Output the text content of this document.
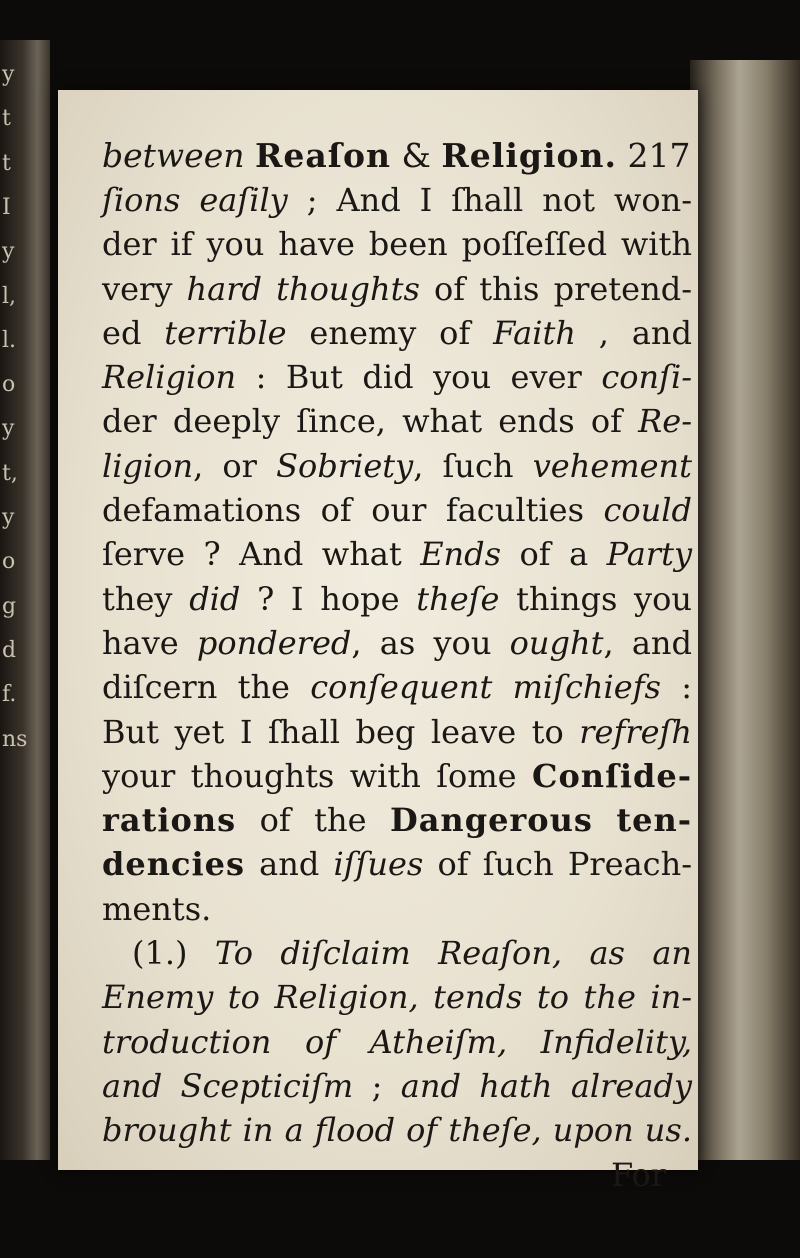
y
t
t
I
y
l,
l.
o
y
t,
y
o
g
d
f.
ns
between Reaſon & Religion. 217
ſions eaſily ; And I ſhall not won-
der if you have been poſſeſſed with
very hard thoughts of this pretend-
ed terrible enemy of Faith , and
Religion : But did you ever conſi-
der deeply ſince, what ends of Re-
ligion, or Sobriety, ſuch vehement
defamations of our faculties could
ſerve ? And what Ends of a Party
they did ? I hope theſe things you
have pondered, as you ought, and
diſcern the conſequent miſchiefs :
But yet I ſhall beg leave to refreſh
your thoughts with ſome Conſide-
rations of the Dangerous ten-
dencies and iſſues of ſuch Preach-
ments.
(1.) To diſclaim Reaſon, as an
Enemy to Religion, tends to the in-
troduction of Atheiſm, Infidelity,
and Scepticiſm ; and hath already
brought in a flood of theſe, upon us.
For
